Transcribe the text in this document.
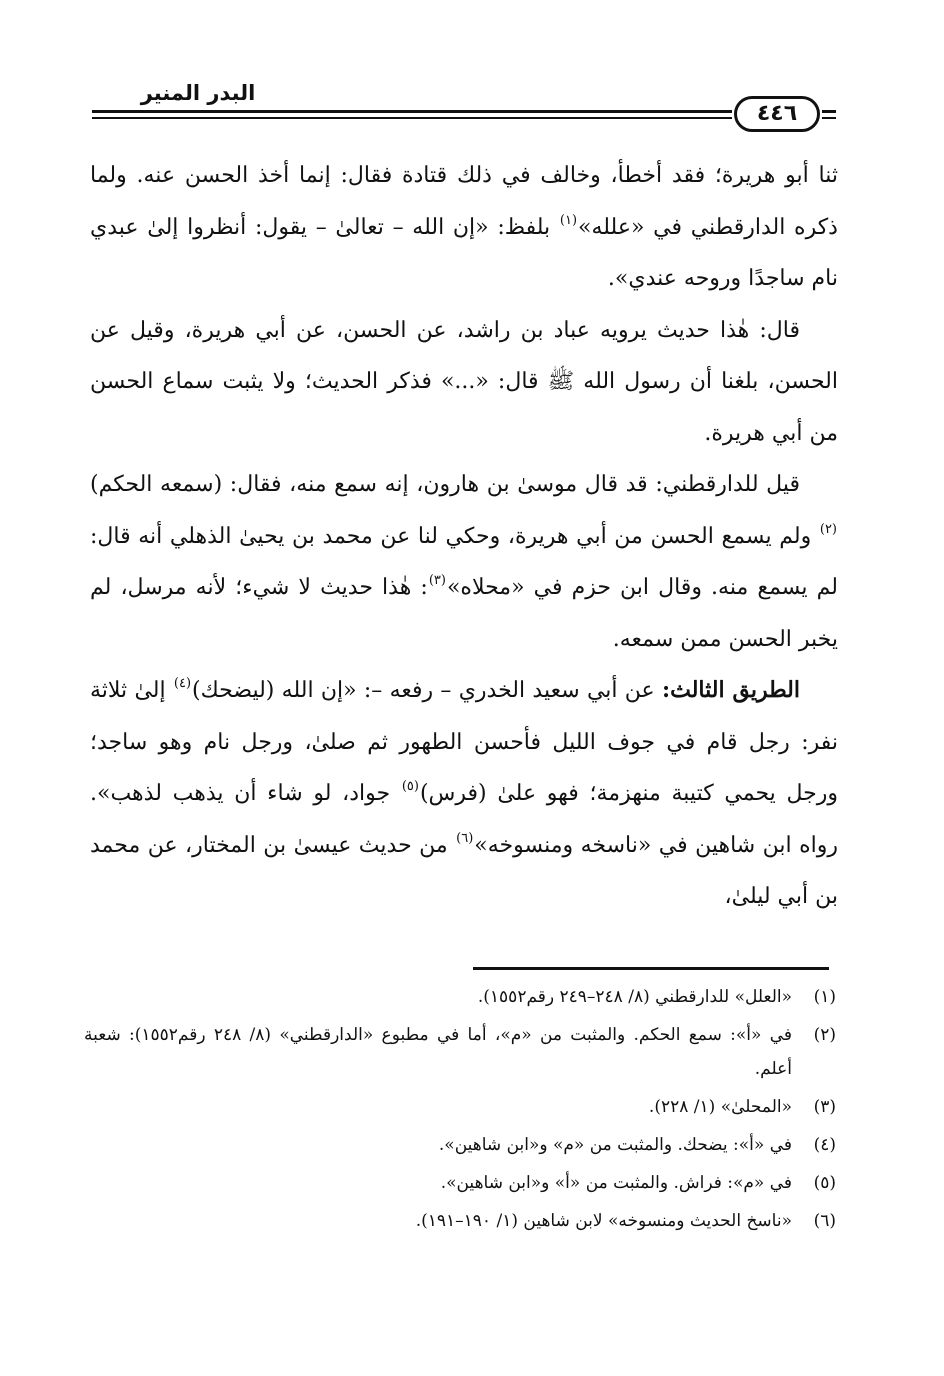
البدر المنير
٤٤٦

ثنا أبو هريرة؛ فقد أخطأ، وخالف في ذلك قتادة فقال: إنما أخذ الحسن عنه. ولما ذكره الدارقطني في «علله»$^{(١)}$ بلفظ: «إن الله – تعالىٰ – يقول: أنظروا إلىٰ عبدي نام ساجدًا وروحه عندي».

قال: هٰذا حديث يرويه عباد بن راشد، عن الحسن، عن أبي هريرة، وقيل عن الحسن، بلغنا أن رسول الله ﷺ قال: «...» فذكر الحديث؛ ولا يثبت سماع الحسن من أبي هريرة.

قيل للدارقطني: قد قال موسىٰ بن هارون، إنه سمع منه، فقال: (سمعه الحكم)$^{(٢)}$ ولم يسمع الحسن من أبي هريرة، وحكي لنا عن محمد بن يحيىٰ الذهلي أنه قال: لم يسمع منه. وقال ابن حزم في «محلاه»$^{(٣)}$: هٰذا حديث لا شيء؛ لأنه مرسل، لم يخبر الحسن ممن سمعه.

الطريق الثالث: عن أبي سعيد الخدري – رفعه –: «إن الله (ليضحك)$^{(٤)}$ إلىٰ ثلاثة نفر: رجل قام في جوف الليل فأحسن الطهور ثم صلىٰ، ورجل نام وهو ساجد؛ ورجل يحمي كتيبة منهزمة؛ فهو علىٰ (فرس)$^{(٥)}$ جواد، لو شاء أن يذهب لذهب». رواه ابن شاهين في «ناسخه ومنسوخه»$^{(٦)}$ من حديث عيسىٰ بن المختار، عن محمد بن أبي ليلىٰ،

(١)
«العلل» للدارقطني (٨/ ٢٤٨–٢٤٩ رقم١٥٥٢).
(٢)
في «أ»: سمع الحكم. والمثبت من «م»، أما في مطبوع «الدارقطني» (٨/ ٢٤٨ رقم١٥٥٢): شعبة أعلم.
(٣)
«المحلىٰ» (١/ ٢٢٨).
(٤)
في «أ»: يضحك. والمثبت من «م» و«ابن شاهين».
(٥)
في «م»: فراش. والمثبت من «أ» و«ابن شاهين».
(٦)
«ناسخ الحديث ومنسوخه» لابن شاهين (١/ ١٩٠–١٩١).
